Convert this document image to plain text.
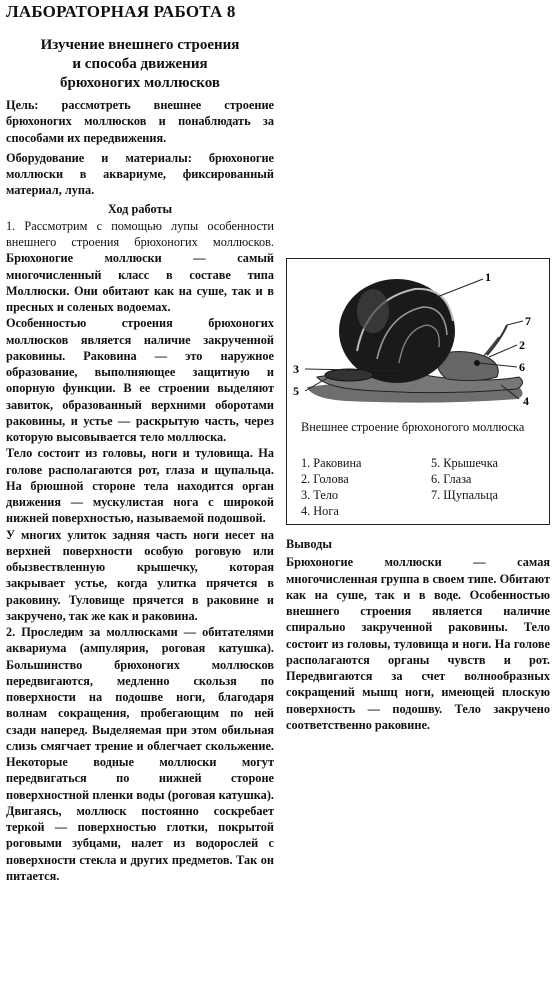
ЛАБОРАТОРНАЯ РАБОТА 8
Изучение внешнего строения
и способа движения
брюхоногих моллюсков

Цель: рассмотреть внешнее строение брюхоногих моллюсков и понаблюдать за способами их передвижения.

Оборудование и материалы: брюхоногие моллюски в аквариуме, фиксированный материал, лупа.

Ход работы

1. Рассмотрим с помощью лупы особенности внешнего строения брюхоногих моллюсков. Брюхоногие моллюски — самый многочисленный класс в составе типа Моллюски. Они обитают как на суше, так и в пресных и соленых водоемах.

Особенностью строения брюхоногих моллюсков является наличие закрученной раковины. Раковина — это наружное образование, выполняющее защитную и опорную функции. В ее строении выделяют завиток, образованный верхними оборотами раковины, и устье — раскрытую часть, через которую высовывается тело моллюска.

Тело состоит из головы, ноги и туловища. На голове располагаются рот, глаза и щупальца. На брюшной стороне тела находится орган движения — мускулистая нога с широкой нижней поверхностью, называемой подошвой.

У многих улиток задняя часть ноги несет на верхней поверхности особую роговую или обызвествленную крышечку, которая закрывает устье, когда улитка прячется в раковину. Туловище прячется в раковине и закручено, так же как и раковина.

2. Проследим за моллюсками — обитателями аквариума (ампулярия, роговая катушка). Большинство брюхоногих моллюсков передвигаются, медленно скользя по поверхности на подошве ноги, благодаря волнам сокращения, пробегающим по ней сзади наперед. Выделяемая при этом обильная слизь смягчает трение и облегчает скольжение. Некоторые водные моллюски могут передвигаться по нижней стороне поверхностной пленки воды (роговая катушка). Двигаясь, моллюск постоянно соскребает теркой — поверхностью глотки, покрытой роговыми зубцами, налет из водорослей с поверхности стекла и других предметов. Так он питается.

1
2
3
4
5
6
7
Внешнее строение брюхоногого моллюска
1. Раковина	5. Крышечка
2. Голова	6. Глаза
3. Тело	7. Щупальца
4. Нога
Выводы

Брюхоногие моллюски — самая многочисленная группа в своем типе. Обитают как на суше, так и в воде. Особенностью внешнего строения является наличие спирально закрученной раковины. Тело состоит из головы, туловища и ноги. На голове располагаются органы чувств и рот. Передвигаются за счет волнообразных сокращений мышц ноги, имеющей плоскую поверхность — подошву. Тело закручено соответственно раковине.
